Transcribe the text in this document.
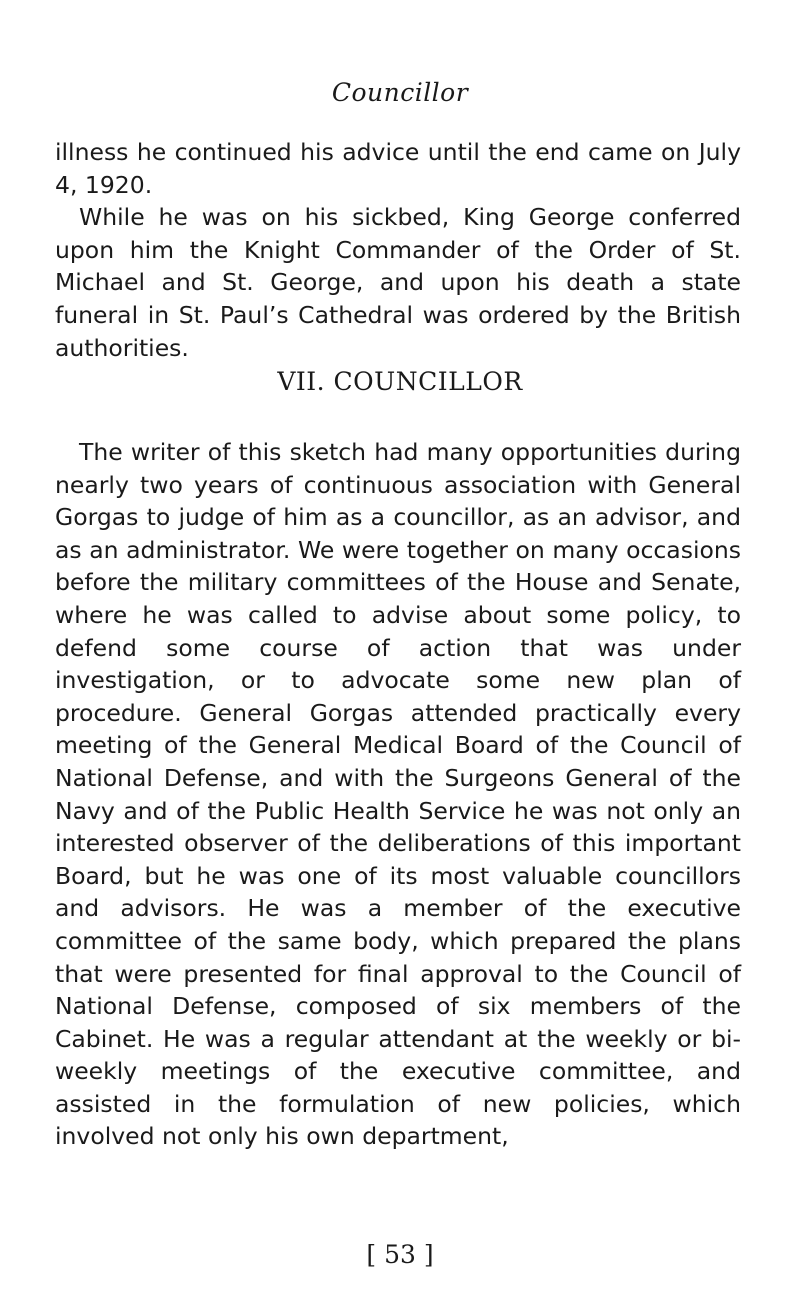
Councillor

illness he continued his advice until the end came on July 4, 1920.

While he was on his sickbed, King George conferred upon him the Knight Commander of the Order of St. Michael and St. George, and upon his death a state funeral in St. Paul’s Cathedral was ordered by the British authorities.

VII. COUNCILLOR

The writer of this sketch had many opportunities during nearly two years of continuous association with General Gorgas to judge of him as a councillor, as an advisor, and as an administrator. We were together on many occasions before the military committees of the House and Senate, where he was called to advise about some policy, to defend some course of action that was under investigation, or to advocate some new plan of procedure. General Gorgas attended practically every meeting of the General Medical Board of the Council of National Defense, and with the Surgeons General of the Navy and of the Public Health Service he was not only an interested observer of the deliberations of this important Board, but he was one of its most valuable councillors and advisors. He was a member of the executive committee of the same body, which prepared the plans that were presented for final approval to the Council of National Defense, composed of six members of the Cabinet. He was a regular attendant at the weekly or bi-weekly meetings of the executive committee, and assisted in the formulation of new policies, which involved not only his own department,

[ 53 ]
